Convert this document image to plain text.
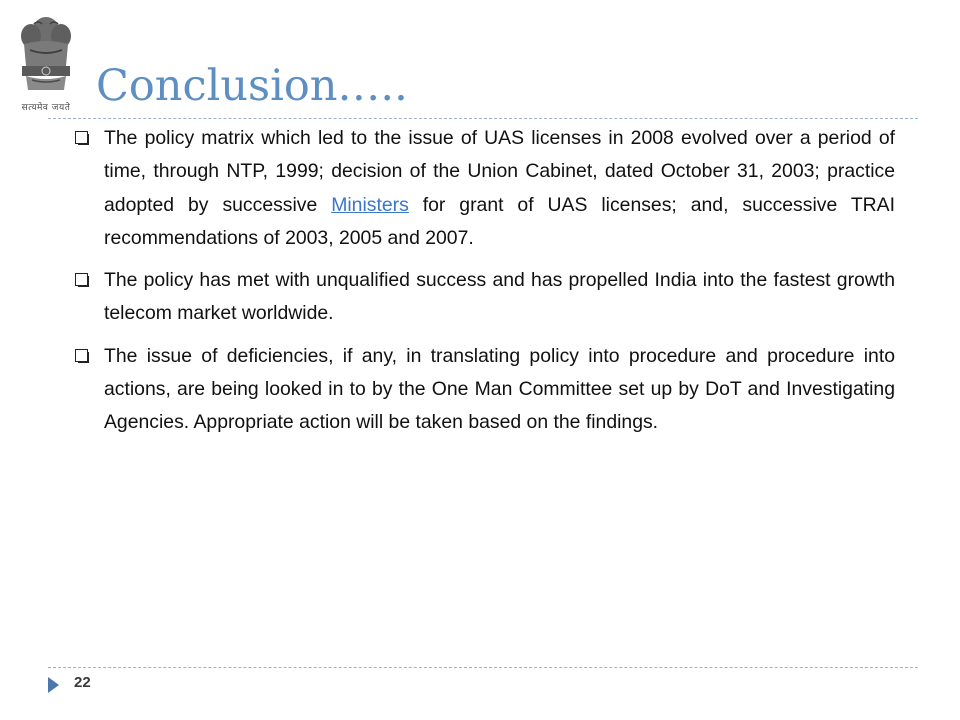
सत्यमेव जयते Conclusion…..
The policy matrix which led to the issue of UAS licenses in 2008 evolved over a period of time, through NTP, 1999; decision of the Union Cabinet, dated October 31, 2003; practice adopted by successive Ministers for grant of UAS licenses; and, successive TRAI recommendations of 2003, 2005 and 2007.
The policy has met with unqualified success and has propelled India into the fastest growth telecom market worldwide.
The issue of deficiencies, if any, in translating policy into procedure and procedure into actions, are being looked in to by the One Man Committee set up by DoT and Investigating Agencies. Appropriate action will be taken based on the findings.
22
